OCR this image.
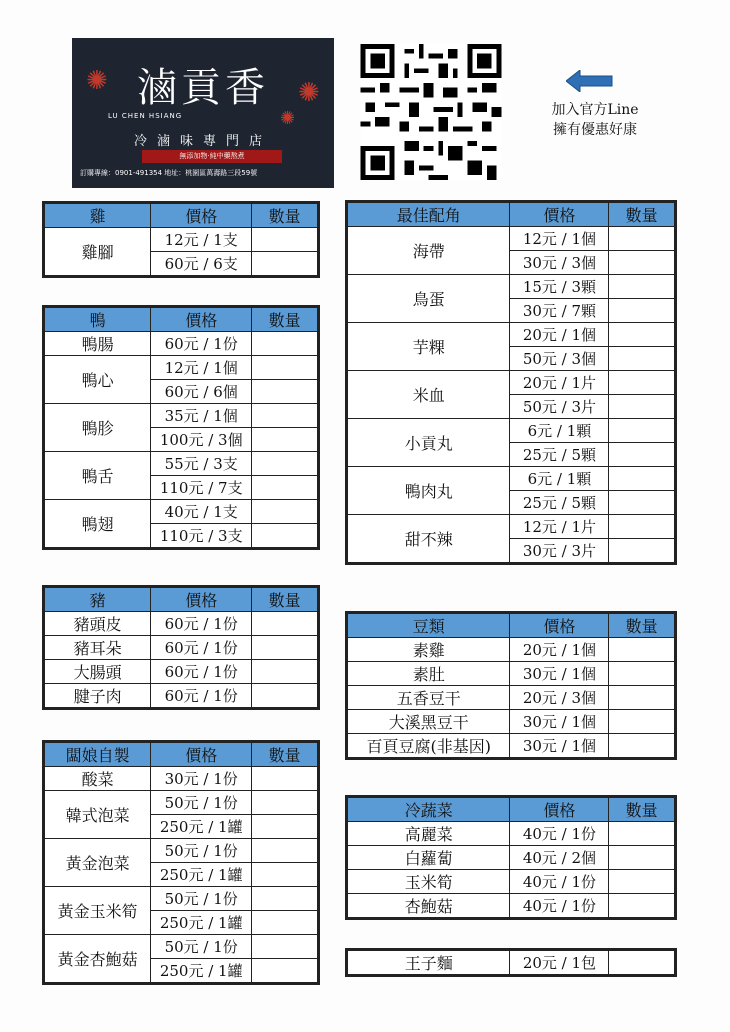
✺	✺
✺
滷貢香
LU CHEN HSIANG
冷滷味專門店
無添加物‧純中藥熬煮
訂購專線：0901-491354 地址：桃園區萬壽路三段59號
加入官方Line
擁有優惠好康
雞	價格	數量
雞腳	12元 / 1支	
	60元 / 6支	
鴨	價格	數量
鴨腸	60元 / 1份	
鴨心	12元 / 1個	
	60元 / 6個	
鴨胗	35元 / 1個	
	100元 / 3個	
鴨舌	55元 / 3支	
	110元 / 7支	
鴨翅	40元 / 1支	
	110元 / 3支	
豬	價格	數量
豬頭皮	60元 / 1份	
豬耳朵	60元 / 1份	
大腸頭	60元 / 1份	
腱子肉	60元 / 1份	
闆娘自製	價格	數量
酸菜	30元 / 1份	
韓式泡菜	50元 / 1份	
	250元 / 1罐	
黃金泡菜	50元 / 1份	
	250元 / 1罐	
黃金玉米筍	50元 / 1份	
	250元 / 1罐	
黃金杏鮑菇	50元 / 1份	
	250元 / 1罐	
最佳配角	價格	數量
海帶	12元 / 1個	
	30元 / 3個	
鳥蛋	15元 / 3顆	
	30元 / 7顆	
芋粿	20元 / 1個	
	50元 / 3個	
米血	20元 / 1片	
	50元 / 3片	
小貢丸	6元 / 1顆	
	25元 / 5顆	
鴨肉丸	6元 / 1顆	
	25元 / 5顆	
甜不辣	12元 / 1片	
	30元 / 3片	
豆類	價格	數量
素雞	20元 / 1個	
素肚	30元 / 1個	
五香豆干	20元 / 3個	
大溪黑豆干	30元 / 1個	
百頁豆腐(非基因)	30元 / 1個	
冷蔬菜	價格	數量
高麗菜	40元 / 1份	
白蘿蔔	40元 / 2個	
玉米筍	40元 / 1份	
杏鮑菇	40元 / 1份	
王子麵	20元 / 1包	
